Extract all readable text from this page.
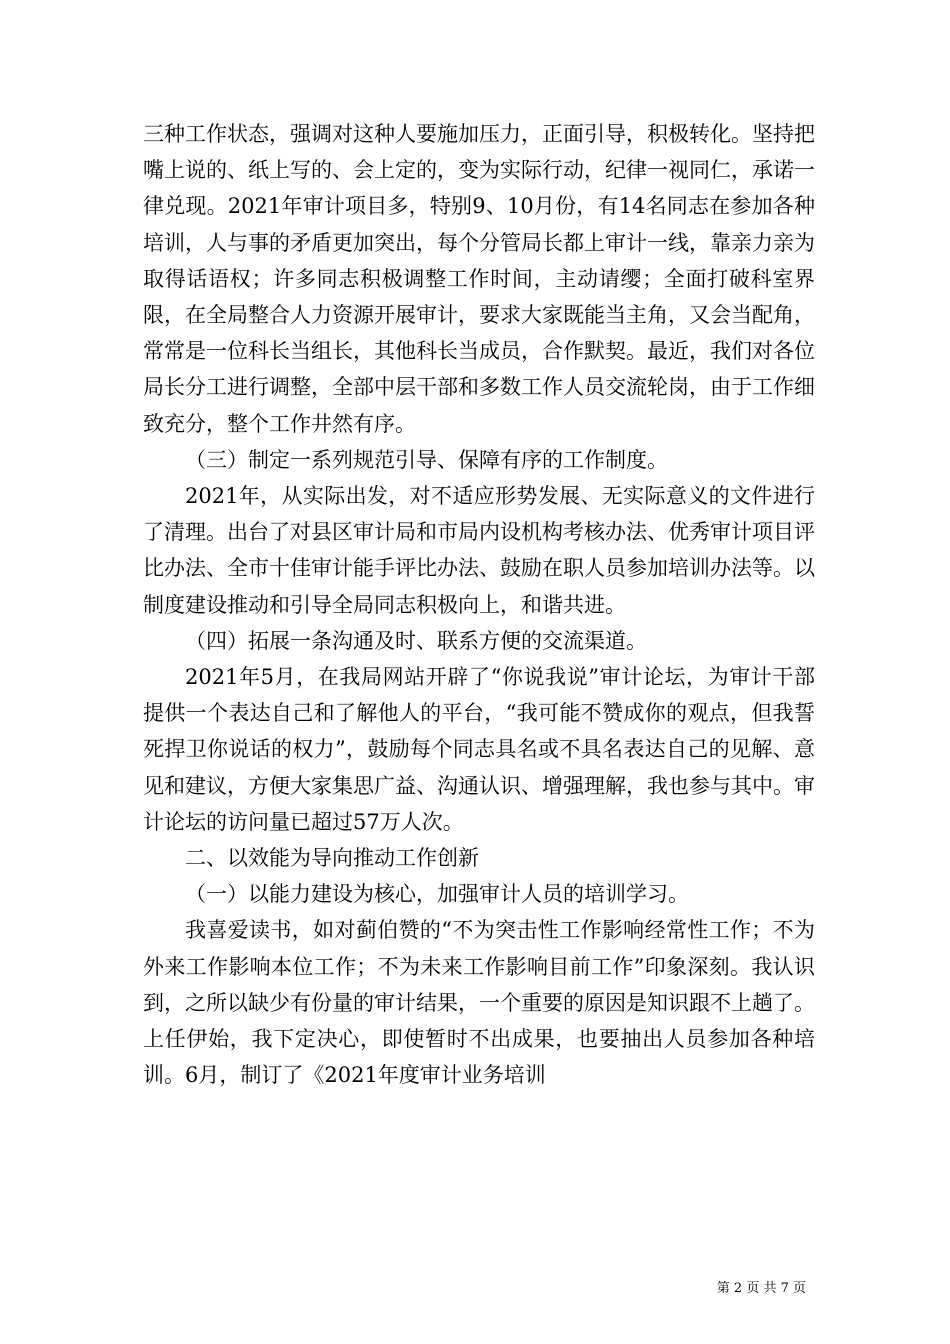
三种工作状态，强调对这种人要施加压力，正面引导，积极转化。坚持把嘴上说的、纸上写的、会上定的，变为实际行动，纪律一视同仁，承诺一律兑现。2021年审计项目多，特别9、10月份，有14名同志在参加各种培训，人与事的矛盾更加突出，每个分管局长都上审计一线，靠亲力亲为取得话语权；许多同志积极调整工作时间，主动请缨；全面打破科室界限，在全局整合人力资源开展审计，要求大家既能当主角，又会当配角，常常是一位科长当组长，其他科长当成员，合作默契。最近，我们对各位局长分工进行调整，全部中层干部和多数工作人员交流轮岗，由于工作细致充分，整个工作井然有序。

（三）制定一系列规范引导、保障有序的工作制度。

2021年，从实际出发，对不适应形势发展、无实际意义的文件进行了清理。出台了对县区审计局和市局内设机构考核办法、优秀审计项目评比办法、全市十佳审计能手评比办法、鼓励在职人员参加培训办法等。以制度建设推动和引导全局同志积极向上，和谐共进。

（四）拓展一条沟通及时、联系方便的交流渠道。

2021年5月，在我局网站开辟了“你说我说”审计论坛，为审计干部提供一个表达自己和了解他人的平台，“我可能不赞成你的观点，但我誓死捍卫你说话的权力”，鼓励每个同志具名或不具名表达自己的见解、意见和建议，方便大家集思广益、沟通认识、增强理解，我也参与其中。审计论坛的访问量已超过57万人次。

二、以效能为导向推动工作创新

（一）以能力建设为核心，加强审计人员的培训学习。

我喜爱读书，如对蓟伯赞的“不为突击性工作影响经常性工作；不为外来工作影响本位工作；不为未来工作影响目前工作”印象深刻。我认识到，之所以缺少有份量的审计结果，一个重要的原因是知识跟不上趟了。上任伊始，我下定决心，即使暂时不出成果，也要抽出人员参加各种培训。6月，制订了《2021年度审计业务培训

第 2 页 共 7 页
